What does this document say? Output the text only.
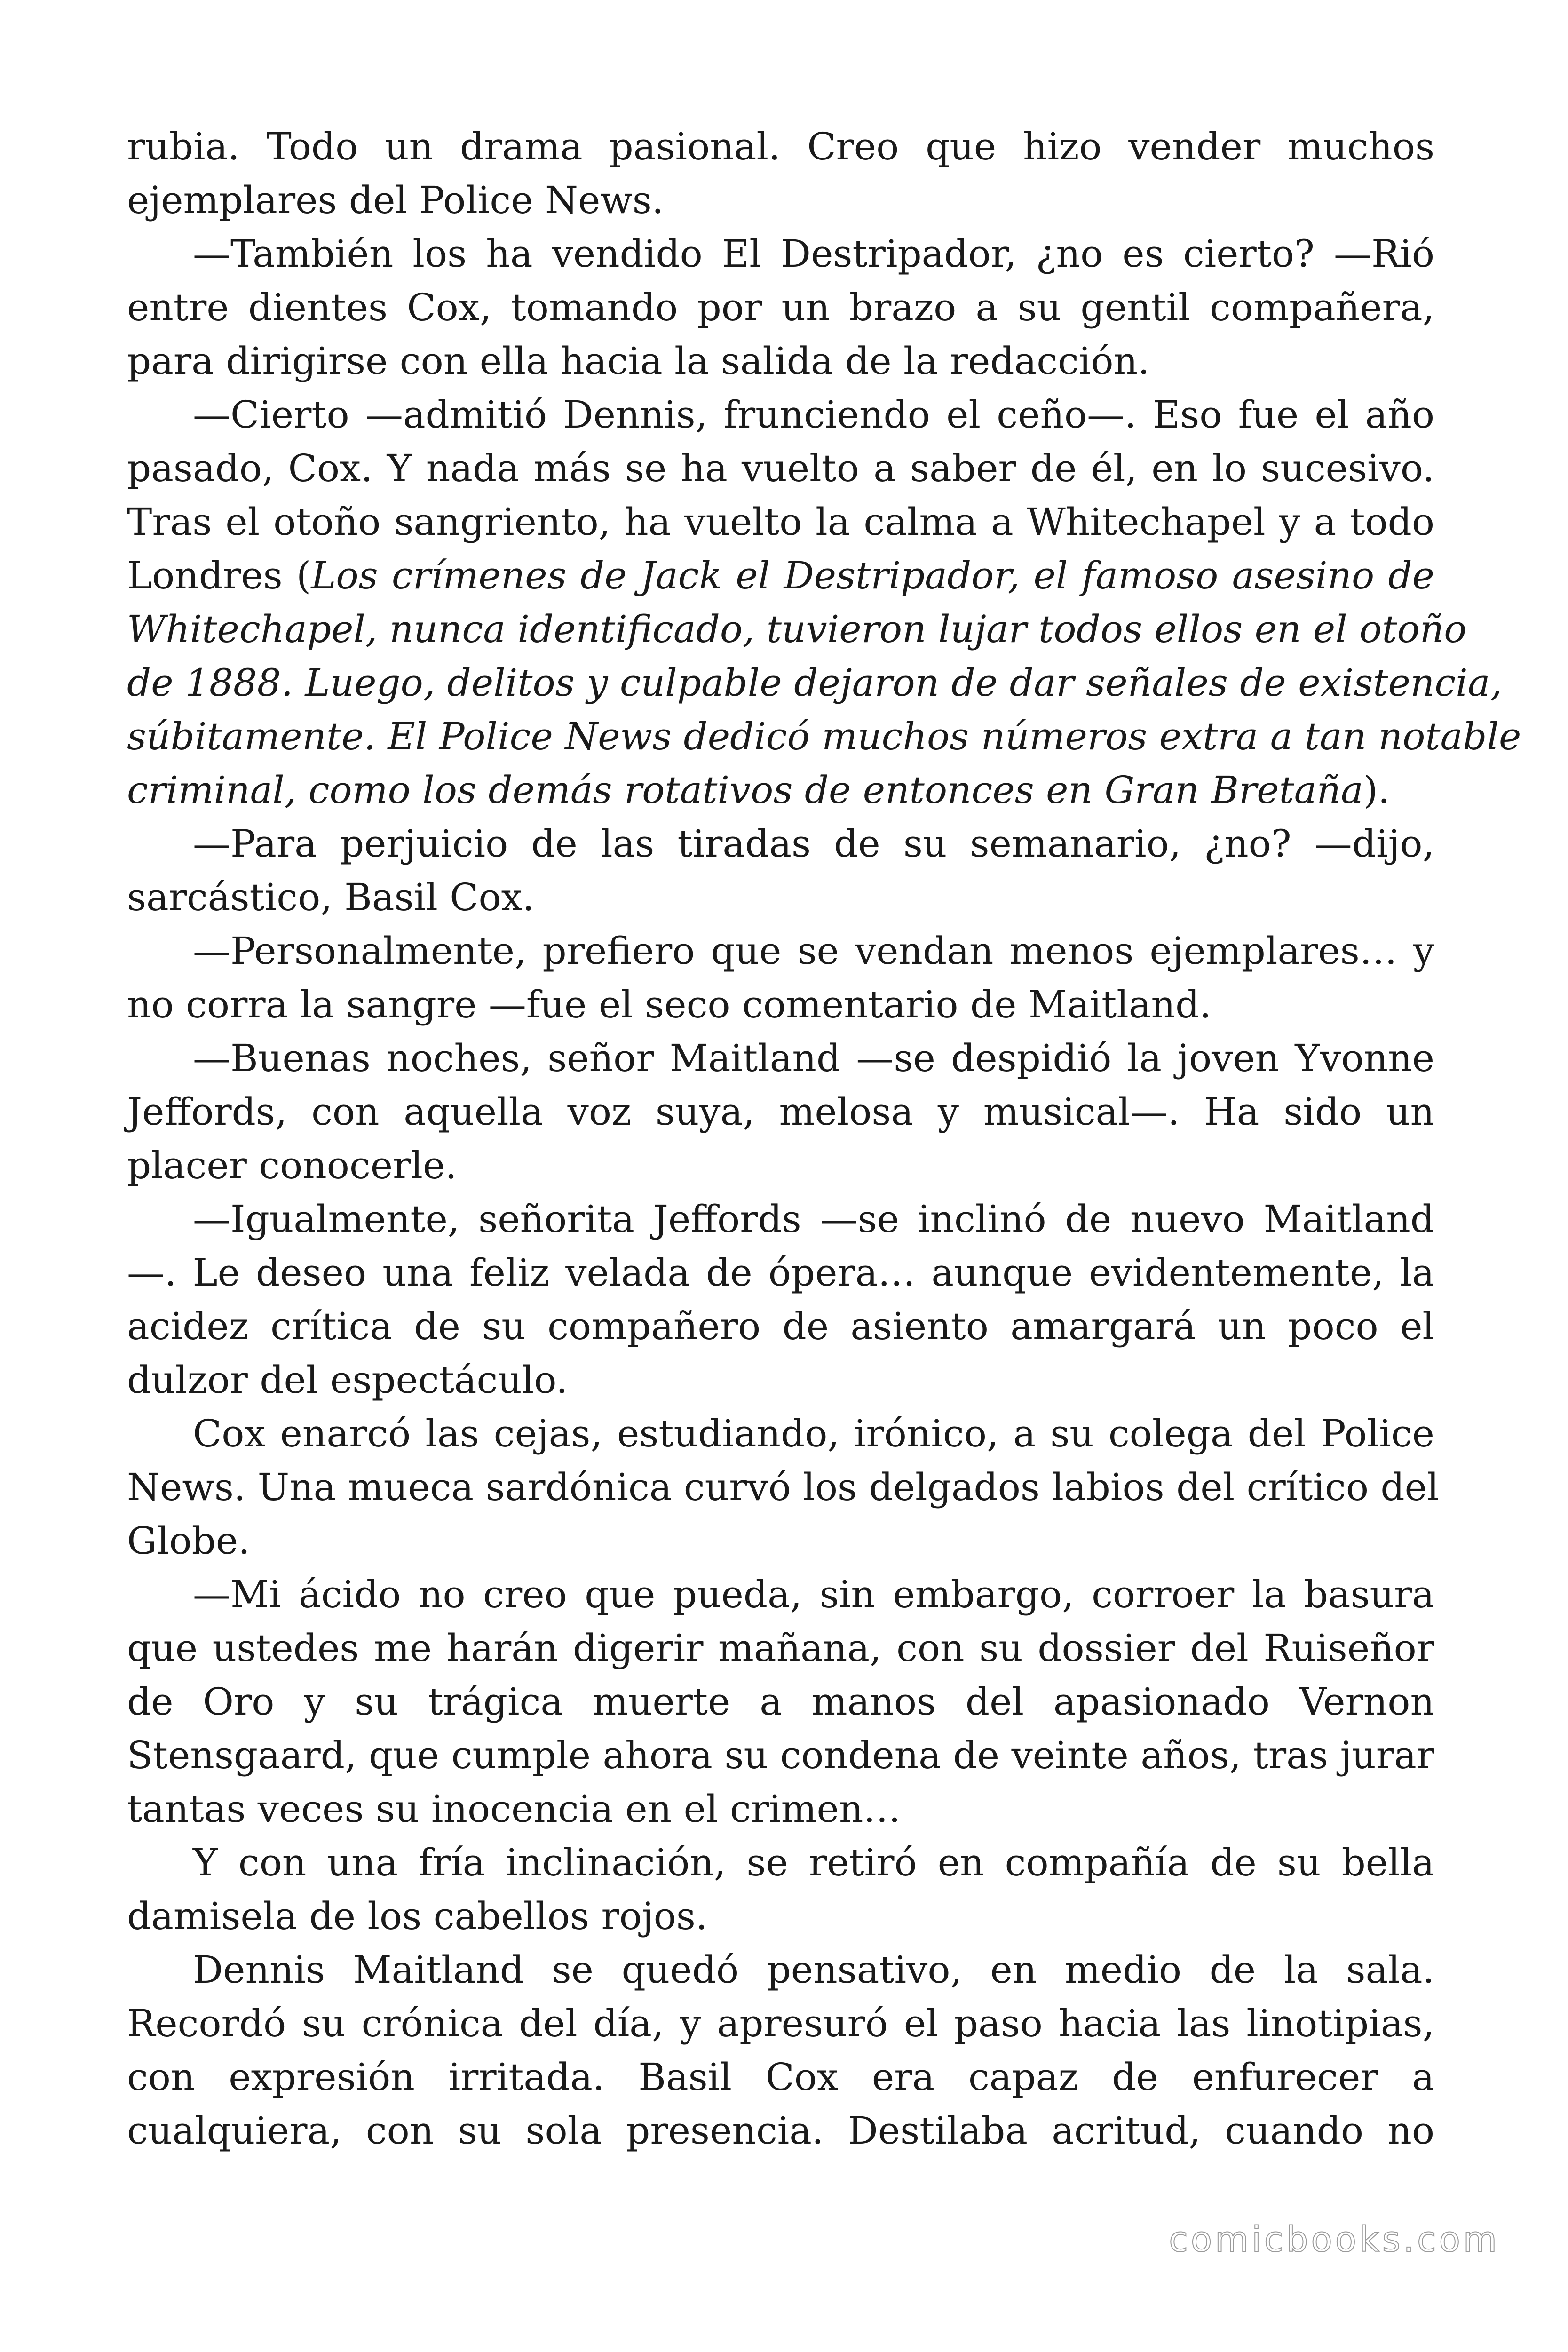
rubia. Todo un drama pasional. Creo que hizo vender muchos
ejemplares del Police News.
—También los ha vendido El Destripador, ¿no es cierto? —Rió
entre dientes Cox, tomando por un brazo a su gentil compañera,
para dirigirse con ella hacia la salida de la redacción.
—Cierto —admitió Dennis, frunciendo el ceño—. Eso fue el año
pasado, Cox. Y nada más se ha vuelto a saber de él, en lo sucesivo.
Tras el otoño sangriento, ha vuelto la calma a Whitechapel y a todo
Londres (Los crímenes de Jack el Destripador, el famoso asesino de
Whitechapel, nunca identificado, tuvieron lujar todos ellos en el otoño
de 1888. Luego, delitos y culpable dejaron de dar señales de existencia,
súbitamente. El Police News dedicó muchos números extra a tan notable
criminal, como los demás rotativos de entonces en Gran Bretaña).
—Para perjuicio de las tiradas de su semanario, ¿no? —dijo,
sarcástico, Basil Cox.
—Personalmente, prefiero que se vendan menos ejemplares… y
no corra la sangre —fue el seco comentario de Maitland.
—Buenas noches, señor Maitland —se despidió la joven Yvonne
Jeffords, con aquella voz suya, melosa y musical—. Ha sido un
placer conocerle.
—Igualmente, señorita Jeffords —se inclinó de nuevo Maitland
—. Le deseo una feliz velada de ópera… aunque evidentemente, la
acidez crítica de su compañero de asiento amargará un poco el
dulzor del espectáculo.
Cox enarcó las cejas, estudiando, irónico, a su colega del Police
News. Una mueca sardónica curvó los delgados labios del crítico del
Globe.
—Mi ácido no creo que pueda, sin embargo, corroer la basura
que ustedes me harán digerir mañana, con su dossier del Ruiseñor
de Oro y su trágica muerte a manos del apasionado Vernon
Stensgaard, que cumple ahora su condena de veinte años, tras jurar
tantas veces su inocencia en el crimen…
Y con una fría inclinación, se retiró en compañía de su bella
damisela de los cabellos rojos.
Dennis Maitland se quedó pensativo, en medio de la sala.
Recordó su crónica del día, y apresuró el paso hacia las linotipias,
con expresión irritada. Basil Cox era capaz de enfurecer a
cualquiera, con su sola presencia. Destilaba acritud, cuando no
comicbooks.com
